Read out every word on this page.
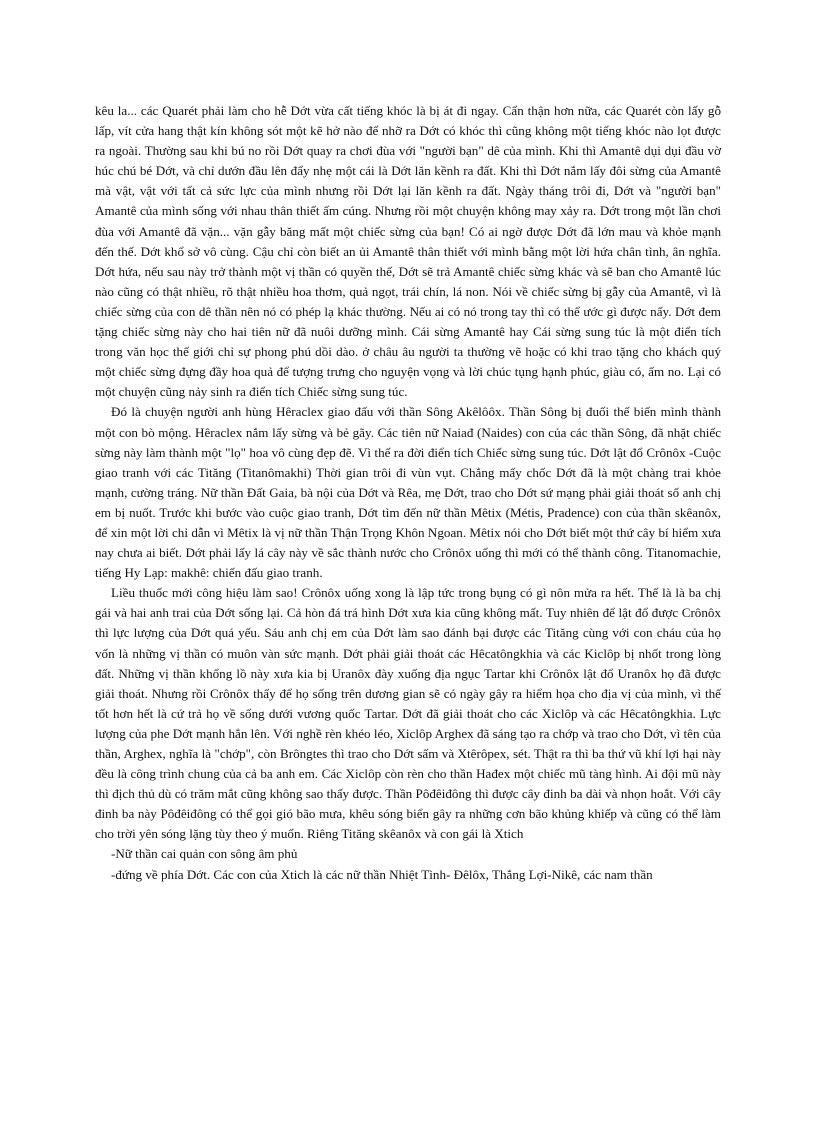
kêu la... các Quarét phải làm cho hễ Dớt vừa cất tiếng khóc là bị át đi ngay. Cẩn thận hơn nữa, các Quarét còn lấy gỗ lấp, vít cửa hang thật kín không sót một kẽ hở nào để nhỡ ra Dớt có khóc thì cũng không một tiếng khóc nào lọt được ra ngoài. Thường sau khi bú no rồi Dớt quay ra chơi đùa với "người bạn" dê của mình. Khi thì Amantê dụi dụi đầu vờ húc chú bé Dớt, và chỉ dướn đầu lên đẩy nhẹ một cái là Dớt lăn kềnh ra đất. Khi thì Dớt nắm lấy đôi sừng của Amantê mà vật, vật với tất cả sức lực của mình nhưng rồi Dớt lại lăn kềnh ra đất. Ngày tháng trôi đi, Dớt và "người bạn" Amantê của mình sống với nhau thân thiết ấm cúng. Nhưng rồi một chuyện không may xảy ra. Dớt trong một lần chơi đùa với Amantê đã vặn... vặn gẫy băng mất một chiếc sừng của bạn! Có ai ngờ được Dớt đã lớn mau và khỏe mạnh đến thế. Dớt khổ sở vô cùng. Cậu chỉ còn biết an ủi Amantê thân thiết với mình bằng một lời hứa chân tình, ân nghĩa. Dớt hứa, nếu sau này trở thành một vị thần có quyền thế, Dớt sẽ trả Amantê chiếc sừng khác và sẽ ban cho Amantê lúc nào cũng có thật nhiều, rõ thật nhiều hoa thơm, quả ngọt, trái chín, lá non. Nói về chiếc sừng bị gẫy của Amantê, vì là chiếc sừng của con dê thần nên nó có phép lạ khác thường. Nếu ai có nó trong tay thì có thể ước gì được nấy. Dớt đem tặng chiếc sừng này cho hai tiên nữ đã nuôi dưỡng mình. Cái sừng Amantê hay Cái sừng sung túc là một điển tích trong văn học thế giới chỉ sự phong phú dồi dào. ở châu âu người ta thường vẽ hoặc có khi trao tặng cho khách quý một chiếc sừng đựng đầy hoa quả để tượng trưng cho nguyện vọng và lời chúc tụng hạnh phúc, giàu có, ấm no. Lại có một chuyện cũng nảy sinh ra điển tích Chiếc sừng sung túc.

Đó là chuyện người anh hùng Hêraclex giao đấu với thần Sông Akêlôôx. Thần Sông bị đuối thế biến mình thành một con bò mộng. Hêraclex nắm lấy sừng và bẻ gãy. Các tiên nữ Naiađ (Naides) con của các thần Sông, đã nhặt chiếc sừng này làm thành một "lọ" hoa vô cùng đẹp đẽ. Vì thế ra đời điển tích Chiếc sừng sung túc. Dớt lật đổ Crônôx -Cuộc giao tranh với các Tităng (Titanômakhi) Thời gian trôi đi vùn vụt. Chẳng mấy chốc Dớt đã là một chàng trai khỏe mạnh, cường tráng. Nữ thần Đất Gaia, bà nội của Dớt và Rêa, mẹ Dớt, trao cho Dớt sứ mạng phải giải thoát số anh chị em bị nuốt. Trước khi bước vào cuộc giao tranh, Dớt tìm đến nữ thần Mêtix (Métis, Pradence) con của thần skêanôx, để xin một lời chỉ dẫn vì Mêtix là vị nữ thần Thận Trọng Khôn Ngoan. Mêtix nói cho Dớt biết một thứ cây bí hiểm xưa nay chưa ai biết. Dớt phải lấy lá cây này về sắc thành nước cho Crônôx uống thì mới có thể thành công. Titanomachie, tiếng Hy Lạp: makhê: chiến đấu giao tranh.

Liều thuốc mới công hiệu làm sao! Crônôx uống xong là lập tức trong bụng có gì nôn mửa ra hết. Thế là là ba chị gái và hai anh trai của Dớt sống lại. Cả hòn đá trá hình Dớt xưa kia cũng không mất. Tuy nhiên để lật đổ được Crônôx thì lực lượng của Dớt quá yếu. Sáu anh chị em của Dớt làm sao đánh bại được các Tităng cùng với con cháu của họ vốn là những vị thần có muôn vàn sức mạnh. Dớt phải giải thoát các Hêcatôngkhia và các Kiclôp bị nhốt trong lòng đất. Những vị thần khổng lồ này xưa kia bị Uranôx đày xuống địa ngục Tartar khi Crônôx lật đổ Uranôx họ đã được giải thoát. Nhưng rồi Crônôx thấy để họ sống trên dương gian sẽ có ngày gây ra hiểm họa cho địa vị của mình, vì thế tốt hơn hết là cứ trả họ về sống dưới vương quốc Tartar. Dớt đã giải thoát cho các Xiclôp và các Hêcatôngkhia. Lực lượng của phe Dớt mạnh hẳn lên. Với nghề rèn khéo léo, Xiclôp Arghex đã sáng tạo ra chớp và trao cho Dớt, vì tên của thần, Arghex, nghĩa là "chớp", còn Brôngtes thì trao cho Dớt sấm và Xtêrôpex, sét. Thật ra thì ba thứ vũ khí lợi hại này đều là công trình chung của cả ba anh em. Các Xiclôp còn rèn cho thần Hađex một chiếc mũ tàng hình. Ai đội mũ này thì địch thủ dù có trăm mắt cũng không sao thấy được. Thần Pôđêiđông thì được cây đinh ba dài và nhọn hoắt. Với cây đinh ba này Pôđêiđông có thể gọi gió bão mưa, khêu sóng biển gây ra những cơn bão khủng khiếp và cũng có thể làm cho trời yên sóng lặng tùy theo ý muốn. Riêng Tităng skêanôx và con gái là Xtich

-Nữ thần cai quản con sông âm phủ

-đứng về phía Dớt. Các con của Xtich là các nữ thần Nhiệt Tình- Đêlôx, Thắng Lợi-Nikê, các nam thần
